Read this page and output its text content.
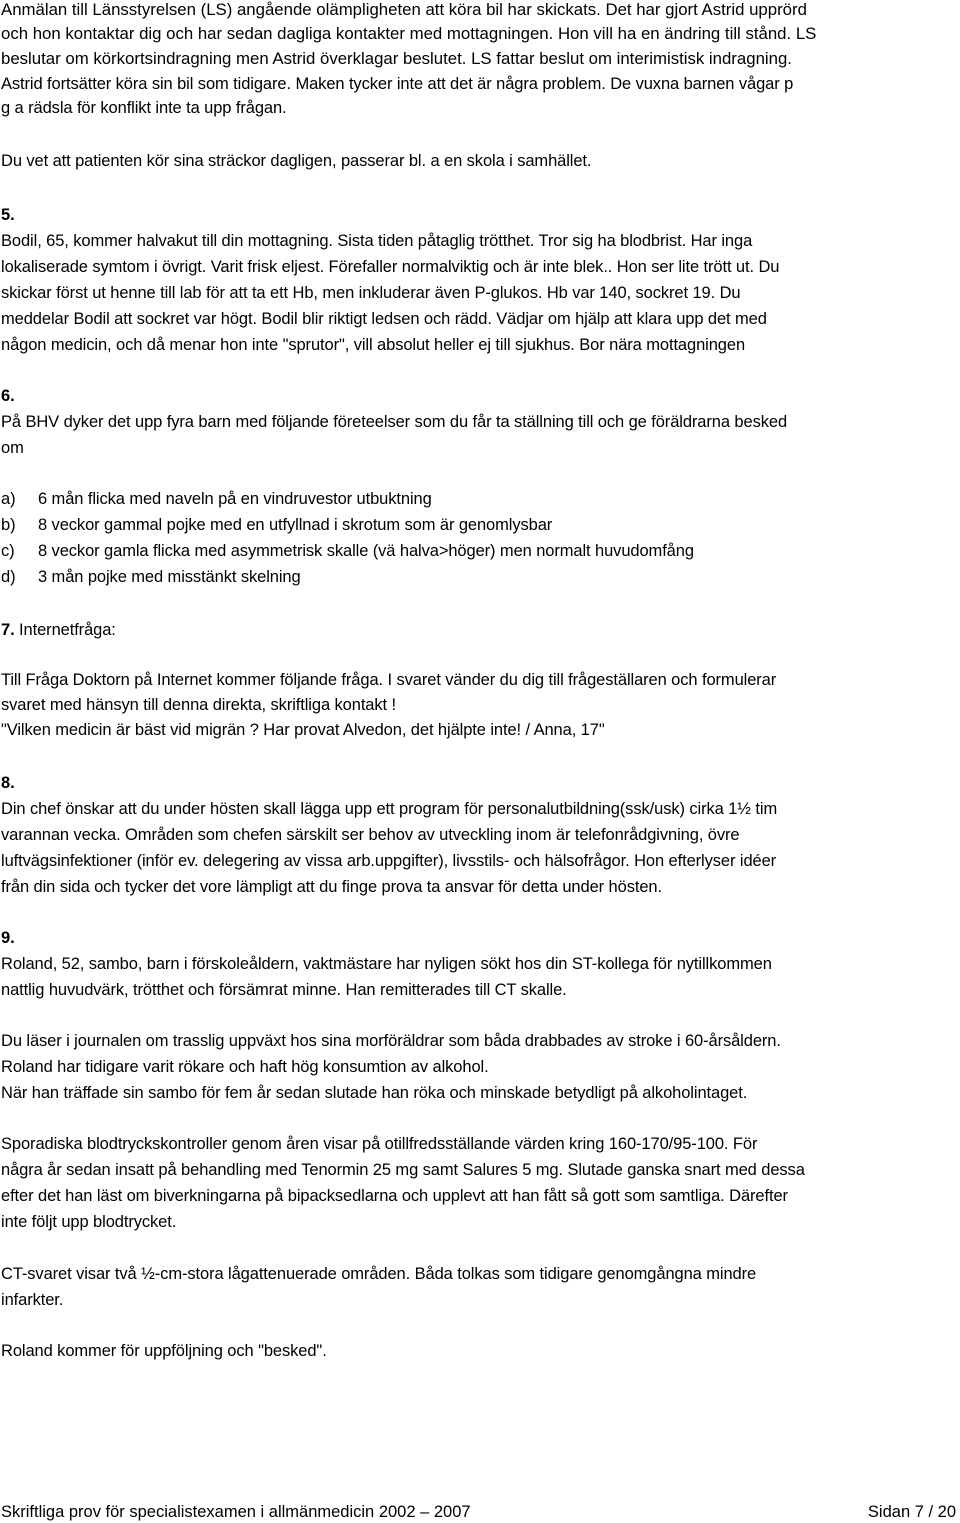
Anmälan till Länsstyrelsen (LS) angående olämpligheten att köra bil har skickats. Det har gjort Astrid upprörd
och hon kontaktar dig och har sedan dagliga kontakter med mottagningen. Hon vill ha en ändring till stånd. LS
beslutar om körkortsindragning men Astrid överklagar beslutet. LS fattar beslut om interimistisk indragning.
Astrid fortsätter köra sin bil som tidigare. Maken tycker inte att det är några problem. De vuxna barnen vågar p
g a rädsla för konflikt inte ta upp frågan.
Du vet att patienten kör sina sträckor dagligen, passerar bl. a en skola i samhället.
5.
Bodil, 65, kommer halvakut till din mottagning. Sista tiden påtaglig trötthet. Tror sig ha blodbrist. Har inga
lokaliserade symtom i övrigt. Varit frisk eljest. Förefaller normalviktig och är inte blek.. Hon ser lite trött ut. Du
skickar först ut henne till lab för att ta ett Hb, men inkluderar även P-glukos. Hb var 140, sockret 19. Du
meddelar Bodil att sockret var högt. Bodil blir riktigt ledsen och rädd. Vädjar om hjälp att klara upp det med
någon medicin, och då menar hon inte "sprutor", vill absolut heller ej till sjukhus. Bor nära mottagningen
6.
På BHV dyker det upp fyra barn med följande företeelser som du får ta ställning till och ge föräldrarna besked
om
a) 6 mån flicka med naveln på en vindruvestor utbuktning
b) 8 veckor gammal pojke med en utfyllnad i skrotum som är genomlysbar
c) 8 veckor gamla flicka med asymmetrisk skalle (vä halva>höger) men normalt huvudomfång
d) 3 mån pojke med misstänkt skelning
7. Internetfråga:
Till Fråga Doktorn på Internet kommer följande fråga. I svaret vänder du dig till frågeställaren och formulerar
svaret med hänsyn till denna direkta, skriftliga kontakt !
"Vilken medicin är bäst vid migrän ? Har provat Alvedon, det hjälpte inte! / Anna, 17"
8.
Din chef önskar att du under hösten skall lägga upp ett program för personalutbildning(ssk/usk) cirka 1½ tim
varannan vecka. Områden som chefen särskilt ser behov av utveckling inom är telefonrådgivning, övre
luftvägsinfektioner (inför ev. delegering av vissa arb.uppgifter), livsstils- och hälsofrågor. Hon efterlyser idéer
från din sida och tycker det vore lämpligt att du finge prova ta ansvar för detta under hösten.
9.
Roland, 52, sambo, barn i förskoleåldern, vaktmästare har nyligen sökt hos din ST-kollega för nytillkommen
nattlig huvudvärk, trötthet och försämrat minne. Han remitterades till CT skalle.
Du läser i journalen om trasslig uppväxt hos sina morföräldrar som båda drabbades av stroke i 60-årsåldern.
Roland har tidigare varit rökare och haft hög konsumtion av alkohol.
När han träffade sin sambo för fem år sedan slutade han röka och minskade betydligt på alkoholintaget.
Sporadiska blodtryckskontroller genom åren visar på otillfredsställande värden kring 160-170/95-100. För
några år sedan insatt på behandling med Tenormin 25 mg samt Salures 5 mg. Slutade ganska snart med dessa
efter det han läst om biverkningarna på bipacksedlarna och upplevt att han fått så gott som samtliga. Därefter
inte följt upp blodtrycket.
CT-svaret visar två ½-cm-stora lågattenuerade områden. Båda tolkas som tidigare genomgångna mindre
infarkter.
Roland kommer för uppföljning och "besked".
Skriftliga prov för specialistexamen i allmänmedicin 2002 – 2007	Sidan 7 / 20
